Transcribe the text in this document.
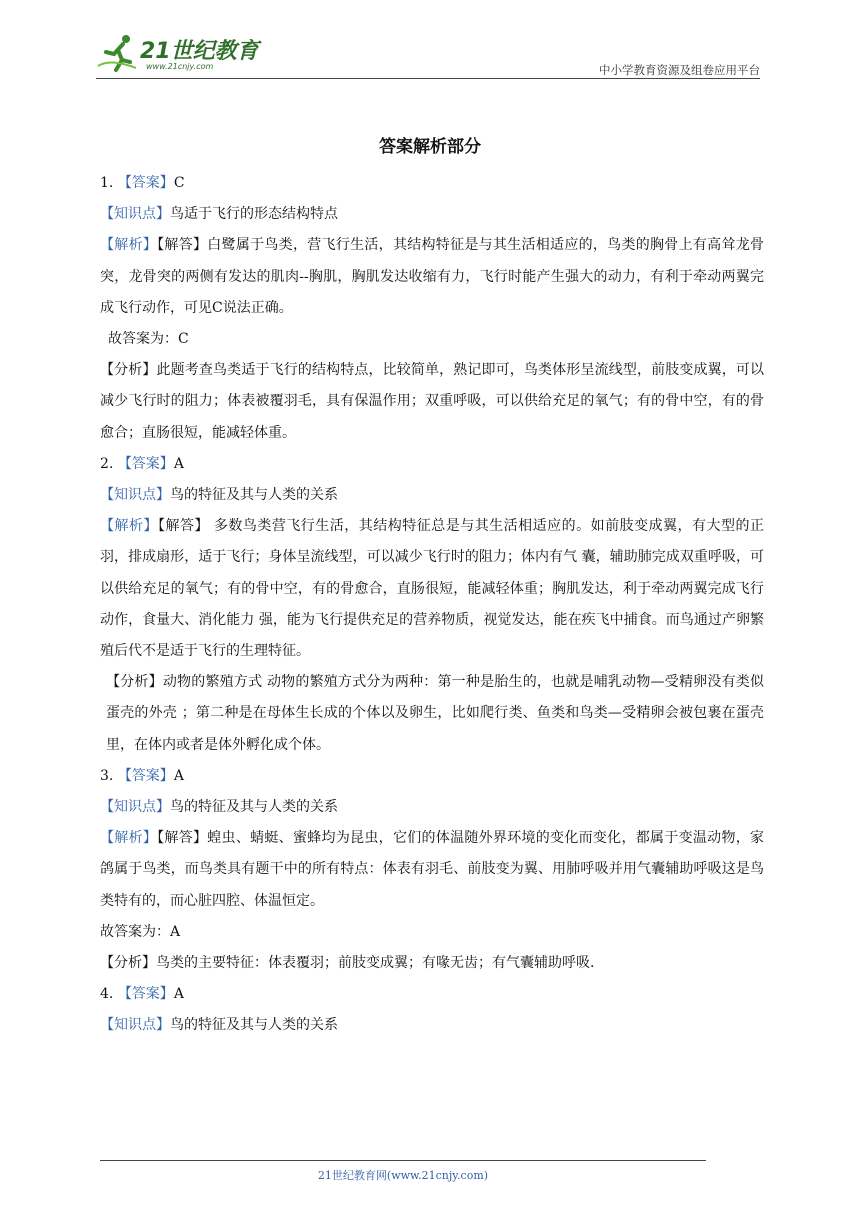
21世纪教育
www.21cnjy.com	中小学教育资源及组卷应用平台
答案解析部分

1. 【答案】C

【知识点】鸟适于飞行的形态结构特点

【解析】【解答】白鹭属于鸟类，营飞行生活，其结构特征是与其生活相适应的，鸟类的胸骨上有高耸龙骨突，龙骨突的两侧有发达的肌肉--胸肌，胸肌发达收缩有力，飞行时能产生强大的动力，有利于牵动两翼完成飞行动作，可见C说法正确。

故答案为：C

【分析】此题考查鸟类适于飞行的结构特点，比较简单，熟记即可，鸟类体形呈流线型，前肢变成翼，可以减少飞行时的阻力；体表被覆羽毛，具有保温作用；双重呼吸，可以供给充足的氧气；有的骨中空，有的骨愈合；直肠很短，能减轻体重。

2. 【答案】A

【知识点】鸟的特征及其与人类的关系

【解析】【解答】 多数鸟类营飞行生活，其结构特征总是与其生活相适应的。如前肢变成翼，有大型的正羽，排成扇形，适于飞行；身体呈流线型，可以减少飞行时的阻力；体内有气 囊，辅助肺完成双重呼吸，可以供给充足的氧气；有的骨中空，有的骨愈合，直肠很短，能减轻体重；胸肌发达，利于牵动两翼完成飞行动作，食量大、消化能力 强，能为飞行提供充足的营养物质，视觉发达，能在疾飞中捕食。而鸟通过产卵繁殖后代不是适于飞行的生理特征。

【分析】动物的繁殖方式 动物的繁殖方式分为两种：第一种是胎生的，也就是哺乳动物—受精卵没有类似蛋壳的外壳 ；第二种是在母体生长成的个体以及卵生，比如爬行类、鱼类和鸟类—受精卵会被包裹在蛋壳里，在体内或者是体外孵化成个体。

3. 【答案】A

【知识点】鸟的特征及其与人类的关系

【解析】【解答】蝗虫、蜻蜓、蜜蜂均为昆虫，它们的体温随外界环境的变化而变化，都属于变温动物，家鸽属于鸟类，而鸟类具有题干中的所有特点：体表有羽毛、前肢变为翼、用肺呼吸并用气囊辅助呼吸这是鸟类特有的，而心脏四腔、体温恒定。

故答案为：A

【分析】鸟类的主要特征：体表覆羽；前肢变成翼；有喙无齿；有气囊辅助呼吸.

4. 【答案】A

【知识点】鸟的特征及其与人类的关系

21世纪教育网(www.21cnjy.com)
